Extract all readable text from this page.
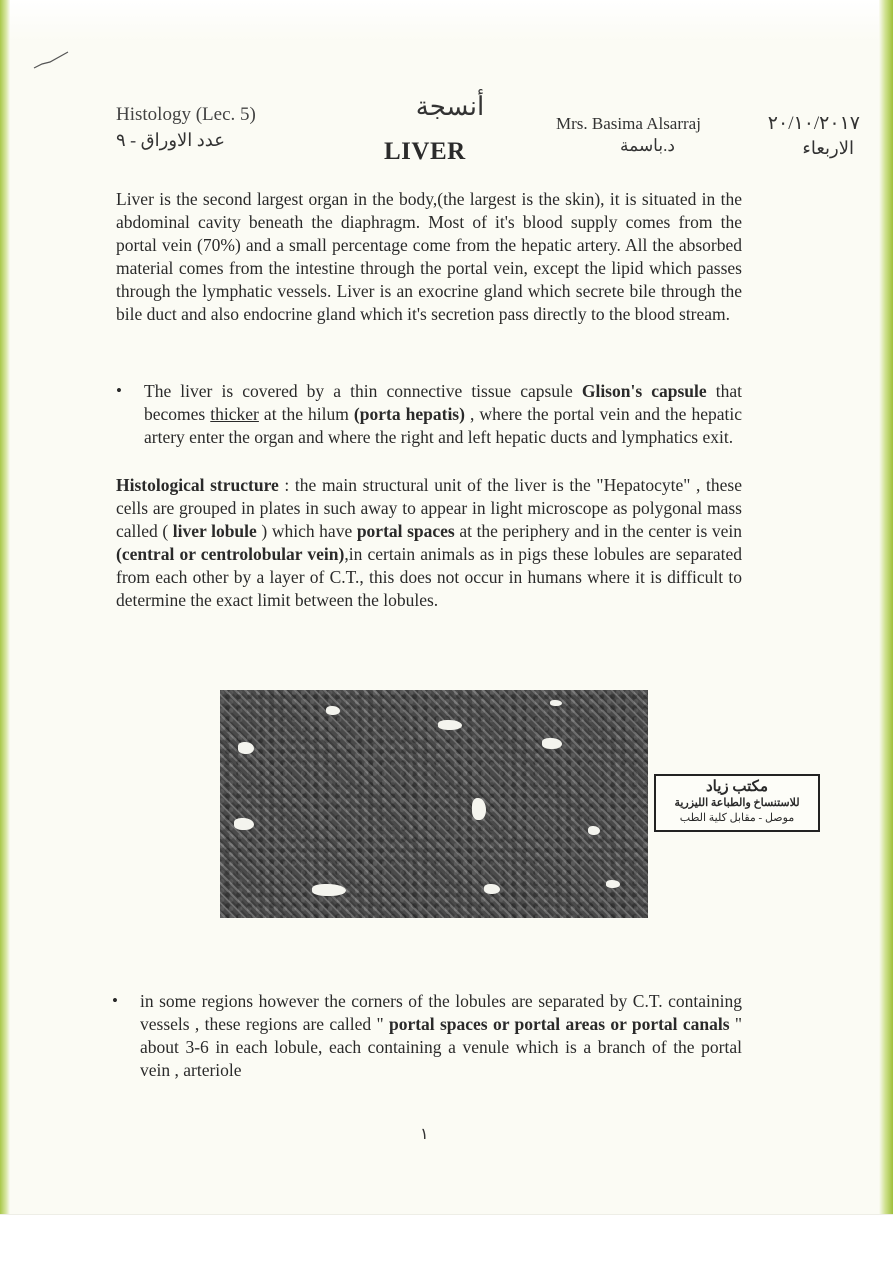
Histology (Lec. 5)
عدد الاوراق - ٩
أنسجة
LIVER
Mrs. Basima Alsarraj
د.باسمة
٢٠/١٠/٢٠١٧
الاربعاء
Liver is the second largest organ in the body,(the largest is the skin), it is situated in the abdominal cavity beneath the diaphragm. Most of it's blood supply comes from the portal vein (70%) and a small percentage come from the hepatic artery. All the absorbed material comes from the intestine through the portal vein, except the lipid which passes through the lymphatic vessels. Liver is an exocrine gland which secrete bile through the bile duct and also endocrine gland which it's secretion pass directly to the blood stream.
•	The liver is covered by a thin connective tissue capsule Glison's capsule that becomes thicker at the hilum (porta hepatis) , where the portal vein and the hepatic artery enter the organ and where the right and left hepatic ducts and lymphatics exit.
Histological structure : the main structural unit of the liver is the "Hepatocyte" , these cells are grouped in plates in such away to appear in light microscope as polygonal mass called ( liver lobule ) which have portal spaces at the periphery and in the center is vein (central or centrolobular vein),in certain animals as in pigs these lobules are separated from each other by a layer of C.T., this does not occur in humans where it is difficult to determine the exact limit between the lobules.
مكتب زياد
للاستنساخ والطباعة الليزرية
موصل - مقابل كلية الطب
•	in some regions however the corners of the lobules are separated by C.T. containing vessels , these regions are called " portal spaces or portal areas or portal canals " about 3-6 in each lobule, each containing a venule which is a branch of the portal vein , arteriole
١
